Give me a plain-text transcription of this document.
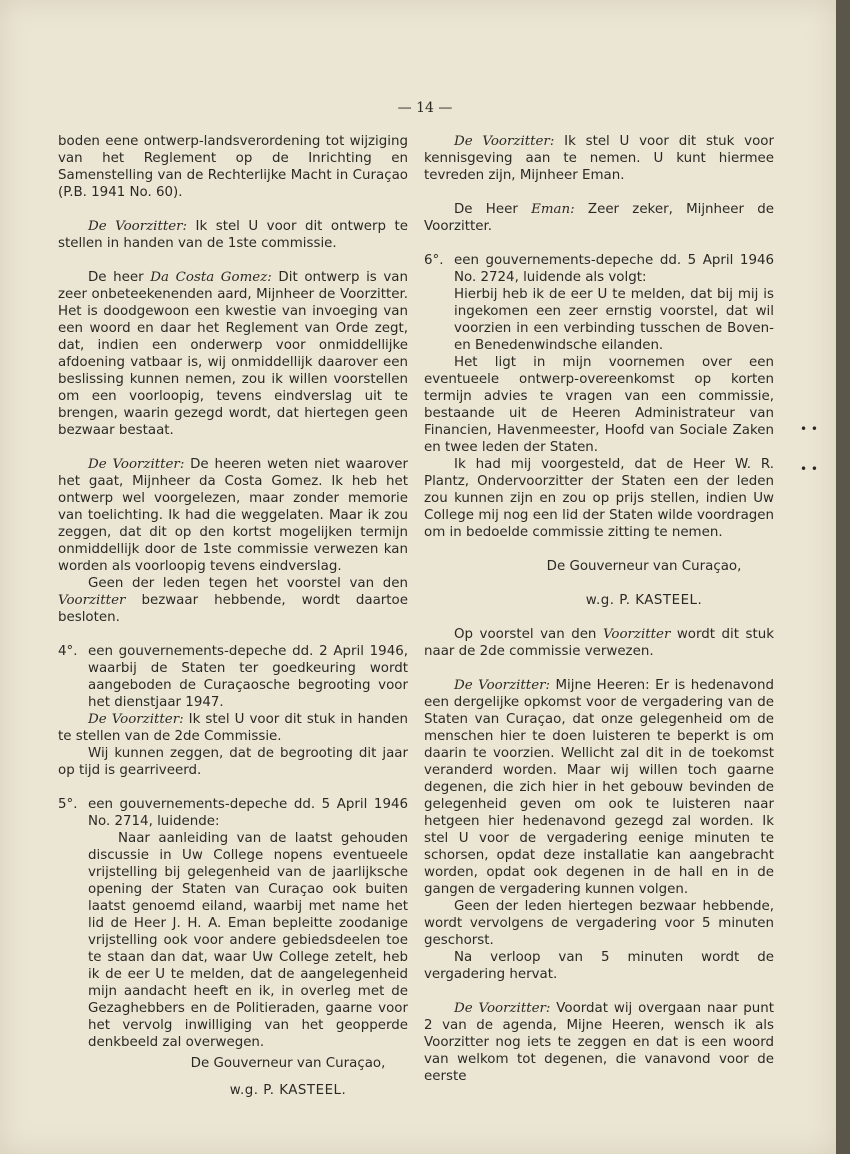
— 14 —

boden eene ontwerp-landsverordening tot wijziging van het Reglement op de Inrichting en Samenstelling van de Rechterlijke Macht in Curaçao (P.B. 1941 No. 60).

De Voorzitter: Ik stel U voor dit ontwerp te stellen in handen van de 1ste commissie.

De heer Da Costa Gomez: Dit ontwerp is van zeer onbeteekenenden aard, Mijnheer de Voorzitter. Het is doodgewoon een kwestie van invoeging van een woord en daar het Reglement van Orde zegt, dat, indien een onderwerp voor onmiddellijke afdoening vatbaar is, wij onmiddellijk daarover een beslissing kunnen nemen, zou ik willen voorstellen om een voorloopig, tevens eindverslag uit te brengen, waarin gezegd wordt, dat hiertegen geen bezwaar bestaat.

De Voorzitter: De heeren weten niet waarover het gaat, Mijnheer da Costa Gomez. Ik heb het ontwerp wel voorgelezen, maar zonder memorie van toelichting. Ik had die weggelaten. Maar ik zou zeggen, dat dit op den kortst mogelijken termijn onmiddellijk door de 1ste commissie verwezen kan worden als voorloopig tevens eindverslag.

Geen der leden tegen het voorstel van den Voorzitter bezwaar hebbende, wordt daartoe besloten.

4°. een gouvernements-depeche dd. 2 April 1946, waarbij de Staten ter goedkeuring wordt aangeboden de Curaçaosche begrooting voor het dienstjaar 1947.

De Voorzitter: Ik stel U voor dit stuk in handen te stellen van de 2de Commissie.

Wij kunnen zeggen, dat de begrooting dit jaar op tijd is gearriveerd.

5°. een gouvernements-depeche dd. 5 April 1946 No. 2714, luidende:

Naar aanleiding van de laatst gehouden discussie in Uw College nopens eventueele vrijstelling bij gelegenheid van de jaarlijksche opening der Staten van Curaçao ook buiten laatst genoemd eiland, waarbij met name het lid de Heer J. H. A. Eman bepleitte zoodanige vrijstelling ook voor andere gebiedsdeelen toe te staan dan dat, waar Uw College zetelt, heb ik de eer U te melden, dat de aangelegenheid mijn aandacht heeft en ik, in overleg met de Gezaghebbers en de Politieraden, gaarne voor het vervolg inwilliging van het geopperde denkbeeld zal overwegen.

De Gouverneur van Curaçao,

w.g. P. KASTEEL.

De Voorzitter: Ik stel U voor dit stuk voor kennisgeving aan te nemen. U kunt hiermee tevreden zijn, Mijnheer Eman.

De Heer Eman: Zeer zeker, Mijnheer de Voorzitter.

6°. een gouvernements-depeche dd. 5 April 1946 No. 2724, luidende als volgt:

Hierbij heb ik de eer U te melden, dat bij mij is ingekomen een zeer ernstig voorstel, dat wil voorzien in een verbinding tusschen de Boven- en Benedenwindsche eilanden.

Het ligt in mijn voornemen over een eventueele ontwerp-overeenkomst op korten termijn advies te vragen van een commissie, bestaande uit de Heeren Administrateur van Financien, Havenmeester, Hoofd van Sociale Zaken en twee leden der Staten.

Ik had mij voorgesteld, dat de Heer W. R. Plantz, Ondervoorzitter der Staten een der leden zou kunnen zijn en zou op prijs stellen, indien Uw College mij nog een lid der Staten wilde voordragen om in bedoelde commissie zitting te nemen.

De Gouverneur van Curaçao,

w.g. P. KASTEEL.

Op voorstel van den Voorzitter wordt dit stuk naar de 2de commissie verwezen.

De Voorzitter: Mijne Heeren: Er is hedenavond een dergelijke opkomst voor de vergadering van de Staten van Curaçao, dat onze gelegenheid om de menschen hier te doen luisteren te beperkt is om daarin te voorzien. Wellicht zal dit in de toekomst veranderd worden. Maar wij willen toch gaarne degenen, die zich hier in het gebouw bevinden de gelegenheid geven om ook te luisteren naar hetgeen hier hedenavond gezegd zal worden. Ik stel U voor de vergadering eenige minuten te schorsen, opdat deze installatie kan aangebracht worden, opdat ook degenen in de hall en in de gangen de vergadering kunnen volgen.

Geen der leden hiertegen bezwaar hebbende, wordt vervolgens de vergadering voor 5 minuten geschorst.

Na verloop van 5 minuten wordt de vergadering hervat.

De Voorzitter: Voordat wij overgaan naar punt 2 van de agenda, Mijne Heeren, wensch ik als Voorzitter nog iets te zeggen en dat is een woord van welkom tot degenen, die vanavond voor de eerste

• •
• •
